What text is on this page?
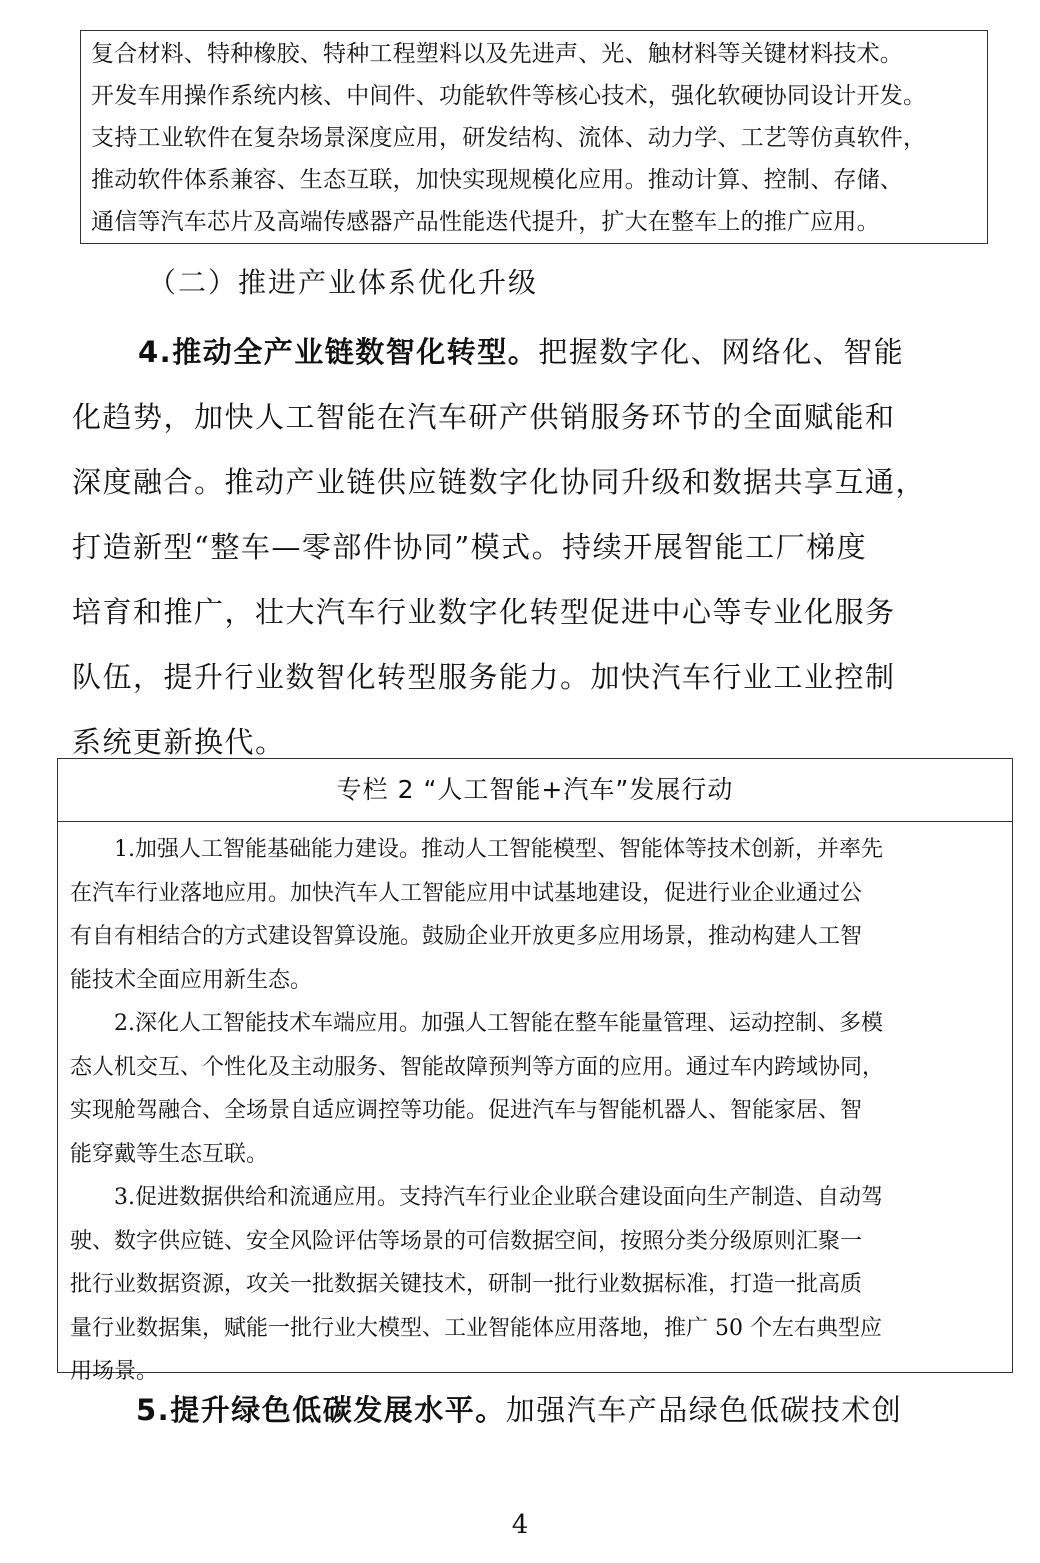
复合材料、特种橡胶、特种工程塑料以及先进声、光、触材料等关键材料技术。
开发车用操作系统内核、中间件、功能软件等核心技术，强化软硬协同设计开发。
支持工业软件在复杂场景深度应用，研发结构、流体、动力学、工艺等仿真软件，
推动软件体系兼容、生态互联，加快实现规模化应用。推动计算、控制、存储、
通信等汽车芯片及高端传感器产品性能迭代提升，扩大在整车上的推广应用。
（二）推进产业体系优化升级
4.推动全产业链数智化转型。把握数字化、网络化、智能
化趋势，加快人工智能在汽车研产供销服务环节的全面赋能和
深度融合。推动产业链供应链数字化协同升级和数据共享互通，
打造新型“整车—零部件协同”模式。持续开展智能工厂梯度
培育和推广，壮大汽车行业数字化转型促进中心等专业化服务
队伍，提升行业数智化转型服务能力。加快汽车行业工业控制
系统更新换代。
专栏 2 “人工智能+汽车”发展行动
　　1.加强人工智能基础能力建设。推动人工智能模型、智能体等技术创新，并率先
在汽车行业落地应用。加快汽车人工智能应用中试基地建设，促进行业企业通过公
有自有相结合的方式建设智算设施。鼓励企业开放更多应用场景，推动构建人工智
能技术全面应用新生态。
　　2.深化人工智能技术车端应用。加强人工智能在整车能量管理、运动控制、多模
态人机交互、个性化及主动服务、智能故障预判等方面的应用。通过车内跨域协同，
实现舱驾融合、全场景自适应调控等功能。促进汽车与智能机器人、智能家居、智
能穿戴等生态互联。
　　3.促进数据供给和流通应用。支持汽车行业企业联合建设面向生产制造、自动驾
驶、数字供应链、安全风险评估等场景的可信数据空间，按照分类分级原则汇聚一
批行业数据资源，攻关一批数据关键技术，研制一批行业数据标准，打造一批高质
量行业数据集，赋能一批行业大模型、工业智能体应用落地，推广 50 个左右典型应
用场景。
5.提升绿色低碳发展水平。加强汽车产品绿色低碳技术创
4
